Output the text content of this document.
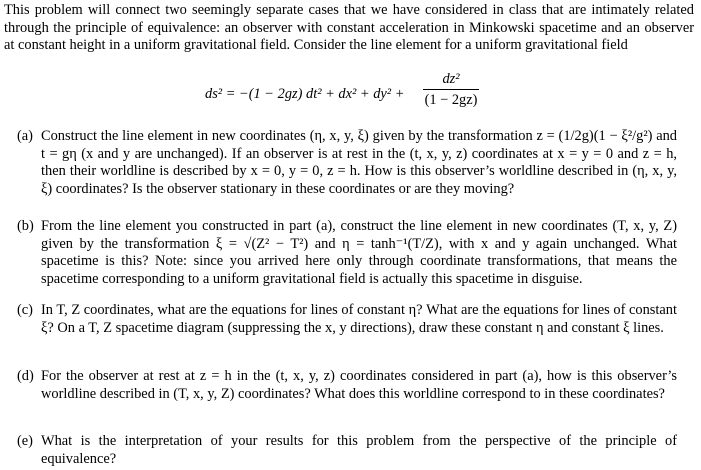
This problem will connect two seemingly separate cases that we have considered in class that are intimately related through the principle of equivalence: an observer with constant acceleration in Minkowski spacetime and an observer at constant height in a uniform gravitational field. Consider the line element for a uniform gravitational field

ds² = −(1 − 2gz) dt² + dx² + dy² +
dz²
(1 − 2gz)
(a) Construct the line element in new coordinates (η, x, y, ξ) given by the transformation z = (1/2g)(1 − ξ²/g²) and t = gη (x and y are unchanged). If an observer is at rest in the (t, x, y, z) coordinates at x = y = 0 and z = h, then their worldline is described by x = 0, y = 0, z = h. How is this observer’s worldline described in (η, x, y, ξ) coordinates? Is the observer stationary in these coordinates or are they moving?

(b) From the line element you constructed in part (a), construct the line element in new coordinates (T, x, y, Z) given by the transformation ξ = √(Z² − T²) and η = tanh⁻¹(T/Z), with x and y again unchanged. What spacetime is this? Note: since you arrived here only through coordinate transformations, that means the spacetime corresponding to a uniform gravitational field is actually this spacetime in disguise.

(c) In T, Z coordinates, what are the equations for lines of constant η? What are the equations for lines of constant ξ? On a T, Z spacetime diagram (suppressing the x, y directions), draw these constant η and constant ξ lines.

(d) For the observer at rest at z = h in the (t, x, y, z) coordinates considered in part (a), how is this observer’s worldline described in (T, x, y, Z) coordinates? What does this worldline correspond to in these coordinates?

(e) What is the interpretation of your results for this problem from the perspective of the principle of equivalence?
